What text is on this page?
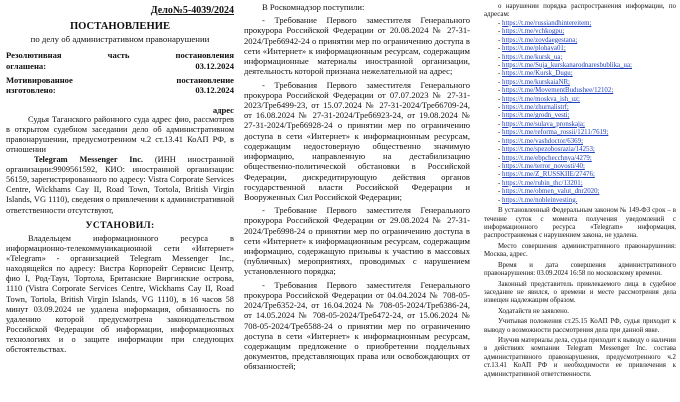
Дело№5-4039/2024
ПОСТАНОВЛЕНИЕ
по делу об административном правонарушении
Резолютивная	часть	постановления
оглашена:	03.12.2024
Мотивированное	постановление
изготовлено:	03.12.2024
адрес

Судья Таганского районного суда адрес фио, рассмотрев в открытом судебном заседании дело об административном правонарушении, предусмотренном ч.2 ст.13.41 КоАП РФ, в отношении

Telegram Messenger Inc. (ИНН иностранной организации:9909561592, КИО: иностранной организации: 56159, зарегистрированного по адресу: Vistra Corporate Services Centre, Wickhams Cay II, Road Town, Tortola, British Virgin Islands, VG 1110), сведения о привлечении к административной ответственности отсутствуют,

УСТАНОВИЛ:

Владельцем информационного ресурса в информационно-телекоммуникационной сети «Интернет» «Telegram» - организацией Telegram Messenger Inc., находящейся по адресу: Вистра Корпорейт Сервисис Центр, фио I, Род-Таун, Тортола, Британские Виргинские острова, 1110 (Vistra Corporate Services Centre, Wickhams Cay II, Road Town, Tortola, British Virgin Islands, VG 1110), в 16 часов 58 минут 03.09.2024 не удалена информация, обязанность по удалению которой предусмотрена законодательством Российской Федерации об информации, информационных технологиях и о защите информации при следующих обстоятельствах.

В Роскомнадзор поступили:

- Требование Первого заместителя Генерального прокурора Российской Федерации от 20.08.2024 № 27-31-2024/Треб6942-24 о принятии мер по ограничению доступа в сети «Интернет» к информационным ресурсам, содержащим информационные материалы иностранной организации, деятельность которой признана нежелательной на адрес;

- Требования Первого заместителя Генерального прокурора Российской Федерации от 07.07.2023 № 27-31-2023/Треб499-23, от 15.07.2024 № 27-31-2024/Треб6709-24, от 16.08.2024 № 27-31-2024/Треб6923-24, от 19.08.2024 № 27-31-2024/Треб6928-24 о принятии мер по ограничению доступа в сети «Интернет» к информационным ресурсам, содержащим недостоверную общественно значимую информацию, направленную на дестабилизацию общественно-политической обстановки в Российской Федерации, дискредитирующую действия органов государственной власти Российской Федерации и Вооруженных Сил Российской Федерации;

- Требование Первого заместителя Генерального прокурора Российской Федерации от 29.08.2024 № 27-31-2024/Треб998-24 о принятии мер по ограничению доступа в сети «Интернет» к информационным ресурсам, содержащим информацию, содержащую призывы к участию в массовых (публичных) мероприятиях, проводимых с нарушением установленного порядка;

- Требования Первого заместителя Генерального прокурора Российской Федерации от 04.04.2024 № 708-05-2024/Треб352-24, от 16.04.2024 № 708-05-2024/Треб386-24, от 14.05.2024 № 708-05-2024/Треб472-24, от 15.06.2024 № 708-05-2024/Треб588-24 о принятии мер по ограничению доступа в сети «Интернет» к информационным ресурсам, содержащим предложение о приобретении поддельных документов, представляющих права или освобождающих от обязанностей;

о нарушении порядка распространения информации, по адресам:

- https://t.me/russiandhintereitem;
- https://t.me/vchkogpu;
- https://t.me/zovdaegestana;
- https://t.me/plohaya01;
- https://t.me/kursk_ua;
- https://t.me/Suja_kurskanarodnaresbublika_ua;
- https://t.me/Kursk_Dugu;
- https://t.me/kurskaiaNR;
- https://t.me/MovementBudushee/12102;
- https://t.me/moskva_ish_uz;
- https://t.me/zhurnalistrf;
- https://t.me/grodn_vesti;
- https://t.me/sulava_pronskaja;
- https://t.me/reforma_rossii/1211/7619;
- https://t.me/vashdoctor/6369;
- https://t.me/spezobosrazia/14253;
- https://t.me/ebpchecchnya/4279;
- https://t.me/terror_novosti/40;
- https://t.me/Z_RUSSKIIE/27476;
- https://t.me/rubin_thc/13201;
- https://t.me/obmen_valut_dnr2020;
- https://t.me/nobleinvesting.

В установленный Федеральным законом № 149-ФЗ срок – в течение суток с момента получения уведомлений с информационного ресурса «Telegram» информация, распространяемая с нарушением закона, не удалена.

Место совершения административного правонарушения: Москва, адрес.

Время и дата совершения административного правонарушения: 03.09.2024 16:58 по московскому времени.

Законный представитель привлекаемого лица в судебное заседание не явился, о времени и месте рассмотрения дела извещен надлежащим образом.

Ходатайств не заявлено.

Учитывая положения ст.25.15 КоАП РФ, судья приходит к выводу о возможности рассмотрения дела при данной явке.

Изучив материалы дела, судья приходит к выводу о наличии в действиях компании Telegram Messenger Inc. состава административного правонарушения, предусмотренного ч.2 ст.13.41 КоАП РФ и необходимости ее привлечения к административной ответственности.
